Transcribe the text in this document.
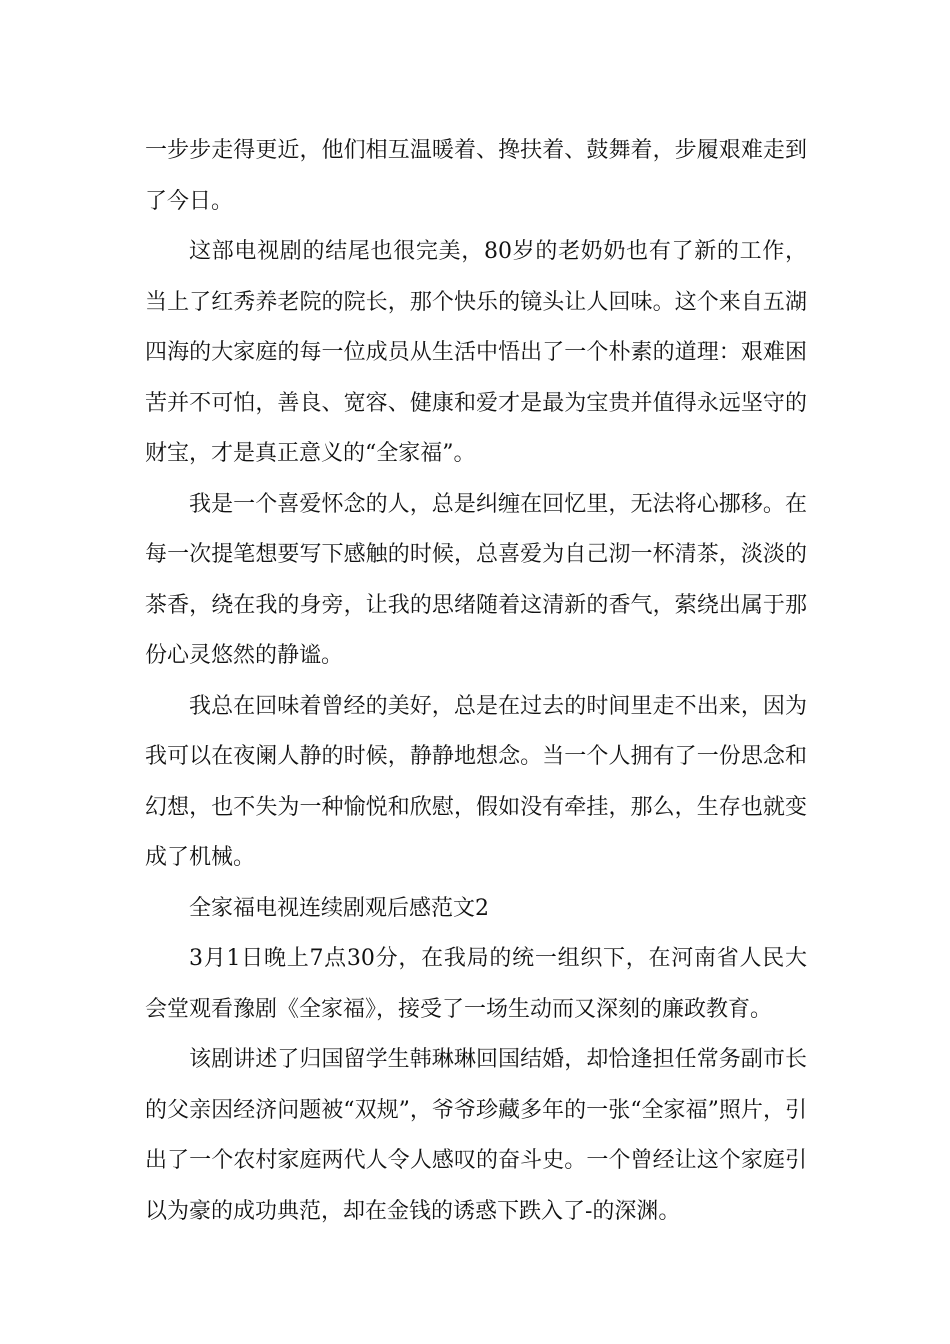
一步步走得更近，他们相互温暖着、搀扶着、鼓舞着，步履艰难走到了今日。

这部电视剧的结尾也很完美，80岁的老奶奶也有了新的工作，当上了红秀养老院的院长，那个快乐的镜头让人回味。这个来自五湖四海的大家庭的每一位成员从生活中悟出了一个朴素的道理：艰难困苦并不可怕，善良、宽容、健康和爱才是最为宝贵并值得永远坚守的财宝，才是真正意义的“全家福”。

我是一个喜爱怀念的人，总是纠缠在回忆里，无法将心挪移。在每一次提笔想要写下感触的时候，总喜爱为自己沏一杯清茶，淡淡的茶香，绕在我的身旁，让我的思绪随着这清新的香气，萦绕出属于那份心灵悠然的静谧。

我总在回味着曾经的美好，总是在过去的时间里走不出来，因为我可以在夜阑人静的时候，静静地想念。当一个人拥有了一份思念和幻想，也不失为一种愉悦和欣慰，假如没有牵挂，那么，生存也就变成了机械。

全家福电视连续剧观后感范文2

3月1日晚上7点30分，在我局的统一组织下，在河南省人民大会堂观看豫剧《全家福》，接受了一场生动而又深刻的廉政教育。

该剧讲述了归国留学生韩琳琳回国结婚，却恰逢担任常务副市长的父亲因经济问题被“双规”，爷爷珍藏多年的一张“全家福”照片，引出了一个农村家庭两代人令人感叹的奋斗史。一个曾经让这个家庭引以为豪的成功典范，却在金钱的诱惑下跌入了-的深渊。
